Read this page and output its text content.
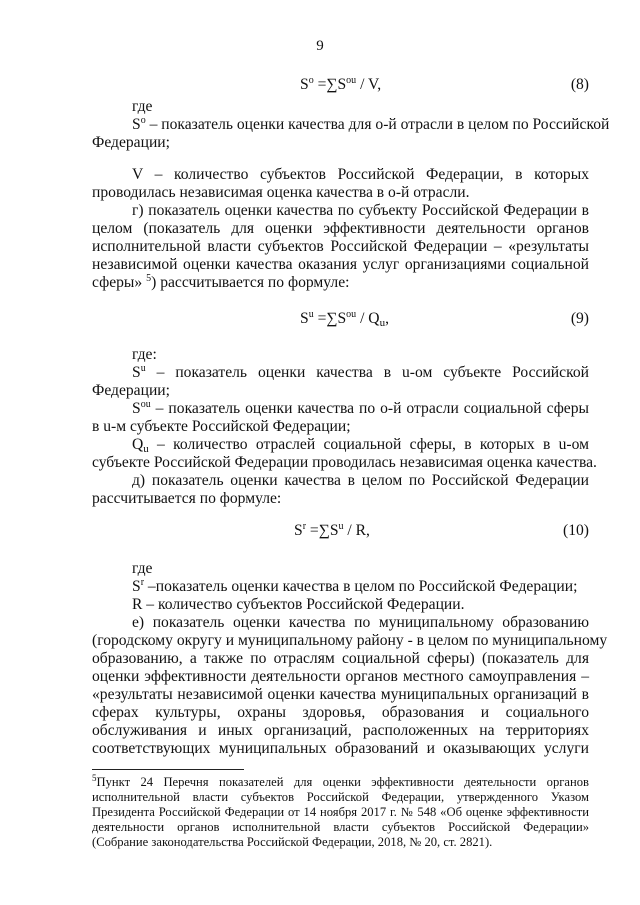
9
$S^o =\sum S^{ou} / V$,	(8)
где
$S^o$ – показатель оценки качества для о-й отрасли в целом по Российской
Федерации;
V – количество субъектов Российской Федерации, в которых
проводилась независимая оценка качества в о-й отрасли.
г) показатель оценки качества по субъекту Российской Федерации в
целом (показатель для оценки эффективности деятельности органов
исполнительной власти субъектов Российской Федерации – «результаты
независимой оценки качества оказания услуг организациями социальной
сферы» $^5$) рассчитывается по формуле:
$S^u =\sum S^{ou} / Q_u$,	(9)
где:
$S^u$ – показатель оценки качества в u-ом субъекте Российской
Федерации;
$S^{ou}$ – показатель оценки качества по о-й отрасли социальной сферы
в u-м субъекте Российской Федерации;
Qu – количество отраслей социальной сферы, в которых в u-ом
субъекте Российской Федерации проводилась независимая оценка качества.
д) показатель оценки качества в целом по Российской Федерации
рассчитывается по формуле:
$S^r =\sum S^u / R$,	(10)
где
$S^r$ –показатель оценки качества в целом по Российской Федерации;
R – количество субъектов Российской Федерации.
е) показатель оценки качества по муниципальному образованию
(городскому округу и муниципальному району - в целом по муниципальному
образованию, а также по отраслям социальной сферы) (показатель для
оценки эффективности деятельности органов местного самоуправления –
«результаты независимой оценки качества муниципальных организаций в
сферах культуры, охраны здоровья, образования и социального
обслуживания и иных организаций, расположенных на территориях
соответствующих муниципальных образований и оказывающих услуги
$^5$Пункт 24 Перечня показателей для оценки эффективности деятельности органов
исполнительной власти субъектов Российской Федерации, утвержденного Указом
Президента Российской Федерации от 14 ноября 2017 г. № 548 «Об оценке эффективности
деятельности органов исполнительной власти субъектов Российской Федерации»
(Собрание законодательства Российской Федерации, 2018, № 20, ст. 2821).
